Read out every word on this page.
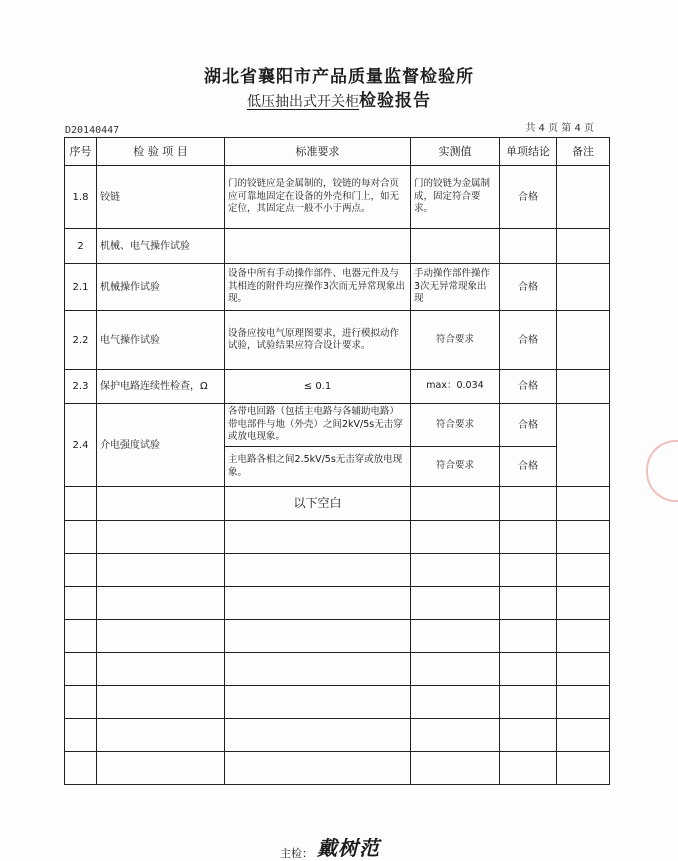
湖北省襄阳市产品质量监督检验所
低压抽出式开关柜检验报告
D20140447	共 4 页 第 4 页
序号	检 验 项 目	标准要求	实测值	单项结论	备注
1.8	铰链	门的铰链应是金属制的，铰链的每对合页应可靠地固定在设备的外壳和门上，如无定位，其固定点一般不小于两点。	门的铰链为金属制成，固定符合要求。	合格	
2	机械、电气操作试验				
2.1	机械操作试验	设备中所有手动操作部件、电器元件及与其相连的附件均应操作3次而无异常现象出现。	手动操作部件操作3次无异常现象出现	合格	
2.2	电气操作试验	设备应按电气原理图要求，进行模拟动作试验，试验结果应符合设计要求。	符合要求	合格	
2.3	保护电路连续性检查，Ω	≤ 0.1	max：0.034	合格	
2.4	介电强度试验	各带电回路（包括主电路与各辅助电路）带电部件与地（外壳）之间2kV/5s无击穿或放电现象。	符合要求	合格	
		主电路各相之间2.5kV/5s无击穿或放电现象。	符合要求	合格	
		以下空白			

主检： 戴树范
